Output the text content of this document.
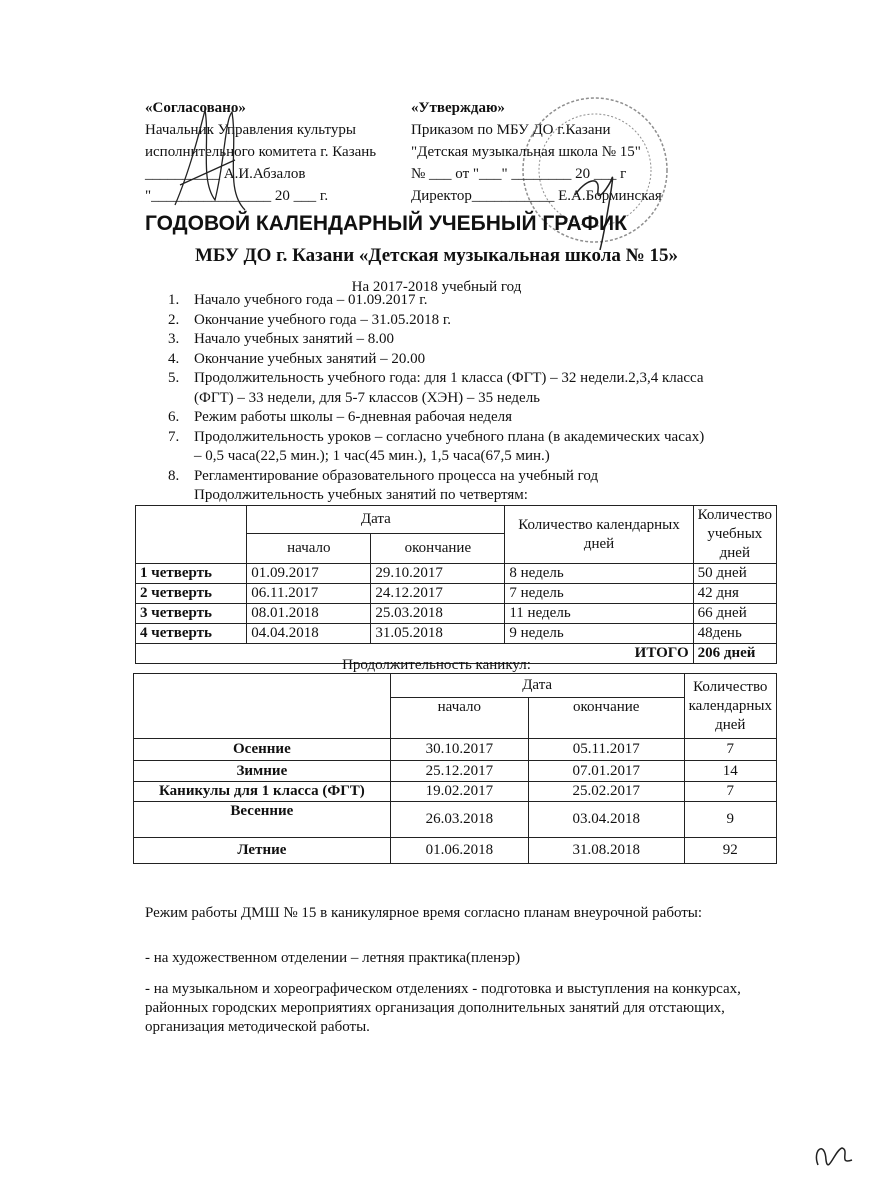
«Согласовано»
Начальник Управления культуры
исполнительного комитета г. Казань
__________ А.И.Абзалов
"________________ 20 ___ г.
«Утверждаю»
Приказом по МБУ ДО г.Казани
"Детская музыкальная школа № 15"
№ ___ от "___" ________ 20 ___ г
Директор___________ Е.А.Борминская
ГОДОВОЙ КАЛЕНДАРНЫЙ УЧЕБНЫЙ ГРАФИК
МБУ ДО г. Казани «Детская музыкальная школа № 15»
На 2017-2018 учебный год
1. Начало учебного года – 01.09.2017 г.
2. Окончание учебного года – 31.05.2018 г.
3. Начало учебных занятий – 8.00
4. Окончание учебных занятий – 20.00
5. Продолжительность учебного года: для 1 класса (ФГТ) – 32 недели.2,3,4 класса
(ФГТ) – 33 недели, для 5-7 классов (ХЭН) – 35 недель
6. Режим работы школы – 6-дневная рабочая неделя
7. Продолжительность уроков – согласно учебного плана (в академических часах)
– 0,5 часа(22,5 мин.); 1 час(45 мин.), 1,5 часа(67,5 мин.)
8. Регламентирование образовательного процесса на учебный год
Продолжительность учебных занятий по четвертям:
	Дата		Количество календарных дней	Количество учебных дней
	начало	окончание		
1 четверть	01.09.2017	29.10.2017	8 недель	50 дней
2 четверть	06.11.2017	24.12.2017	7 недель	42 дня
3 четверть	08.01.2018	25.03.2018	11 недель	66 дней
4 четверть	04.04.2018	31.05.2018	9 недель	48день
ИТОГО				206 дней
Продолжительность каникул:
	Дата		Количество календарных дней
	начало	окончание	
Осенние	30.10.2017	05.11.2017	7
Зимние	25.12.2017	07.01.2017	14
Каникулы для 1 класса (ФГТ)	19.02.2017	25.02.2017	7
Весенние	26.03.2018	03.04.2018	9
Летние	01.06.2018	31.08.2018	92
Режим работы ДМШ № 15 в каникулярное время согласно планам внеурочной работы:
- на художественном отделении – летняя практика(пленэр)
- на музыкальном и хореографическом отделениях - подготовка и выступления на конкурсах, районных городских мероприятиях организация дополнительных занятий для отстающих, организация методической работы.
